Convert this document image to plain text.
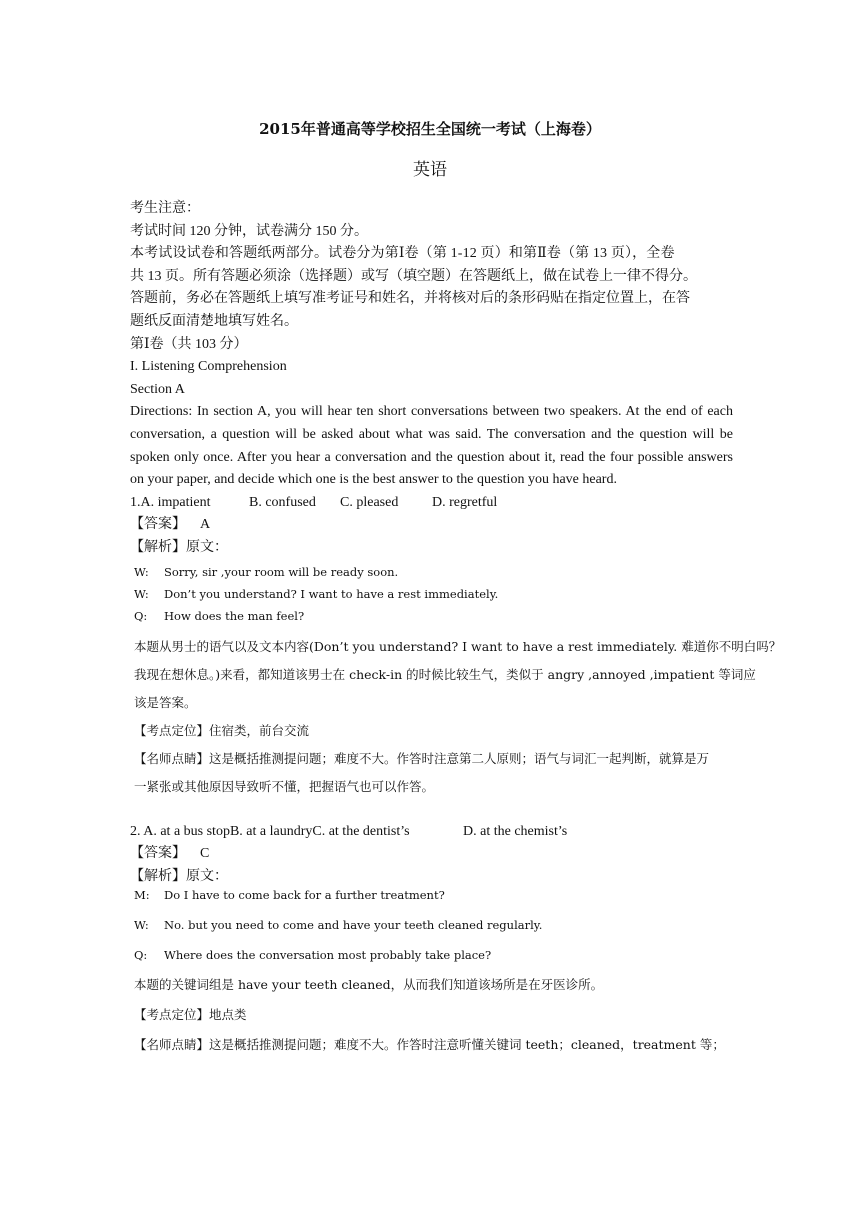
2015年普通高等学校招生全国统一考试（上海卷）
英语

考生注意：

考试时间 120 分钟，试卷满分 150 分。

本考试设试卷和答题纸两部分。试卷分为第Ⅰ卷（第 1-12 页）和第Ⅱ卷（第 13 页），全卷

共 13 页。所有答题必须涂（选择题）或写（填空题）在答题纸上，做在试卷上一律不得分。

答题前，务必在答题纸上填写准考证号和姓名，并将核对后的条形码贴在指定位置上，在答

题纸反面清楚地填写姓名。

第Ⅰ卷（共 103 分）

I. Listening Comprehension

Section A

Directions: In section A, you will hear ten short conversations between two speakers. At the end of each conversation, a question will be asked about what was said. The conversation and the question will be spoken only once. After you hear a conversation and the question about it, read the four possible answers on your paper, and decide which one is the best answer to the question you have heard.

1.A. impatient	B. confused C. pleased D. regretful

【答案】 A

【解析】原文：

W: Sorry, sir ,your room will be ready soon.

W: Don’t you understand? I want to have a rest immediately.

Q: How does the man feel?

本题从男士的语气以及文本内容(Don’t you understand? I want to have a rest immediately. 难道你不明白吗？

我现在想休息。)来看，都知道该男士在 check-in 的时候比较生气，类似于 angry ,annoyed ,impatient 等词应

该是答案。

【考点定位】住宿类，前台交流

【名师点睛】这是概括推测提问题；难度不大。作答时注意第二人原则；语气与词汇一起判断，就算是万

一紧张或其他原因导致听不懂，把握语气也可以作答。

2. A. at a bus stopB. at a laundryC. at the dentist’s	D. at the chemist’s

【答案】 C

【解析】原文：

M: Do I have to come back for a further treatment?

W: No. but you need to come and have your teeth cleaned regularly.

Q: Where does the conversation most probably take place?

本题的关键词组是 have your teeth cleaned，从而我们知道该场所是在牙医诊所。

【考点定位】地点类

【名师点睛】这是概括推测提问题；难度不大。作答时注意听懂关键词 teeth；cleaned，treatment 等；
